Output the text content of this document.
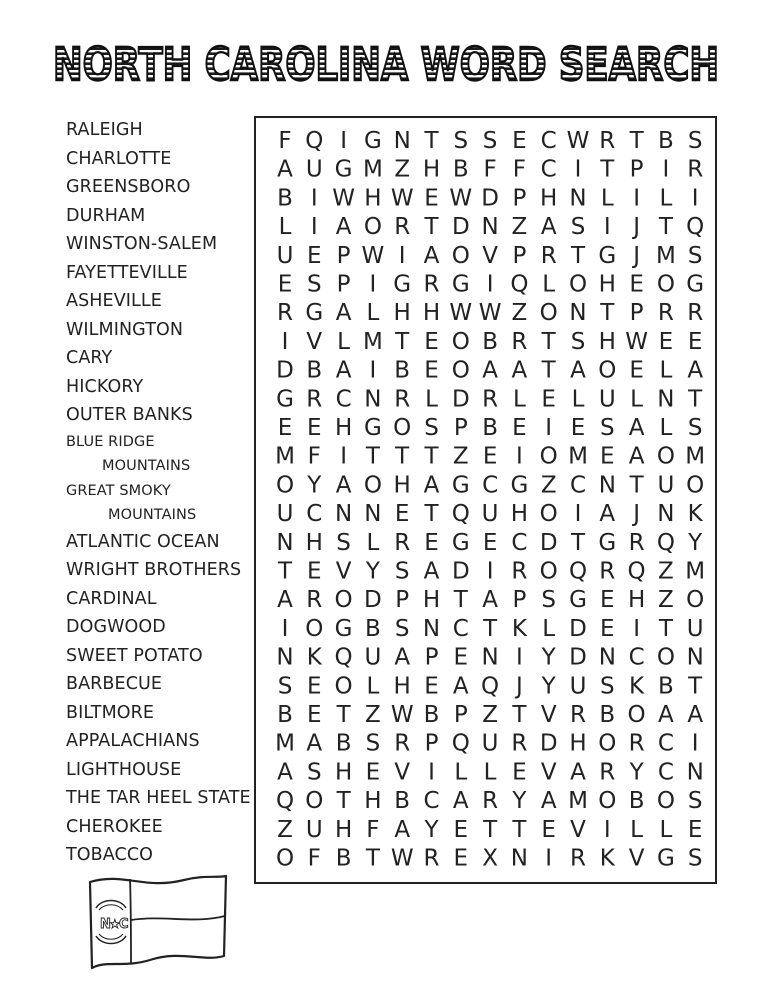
NORTH CAROLINA WORD SEARCH
RALEIGH
CHARLOTTE
GREENSBORO
DURHAM
WINSTON-SALEM
FAYETTEVILLE
ASHEVILLE
WILMINGTON
CARY
HICKORY
OUTER BANKS
BLUE RIDGE
MOUNTAINS
GREAT SMOKY
MOUNTAINS
ATLANTIC OCEAN
WRIGHT BROTHERS
CARDINAL
DOGWOOD
SWEET POTATO
BARBECUE
BILTMORE
APPALACHIANS
LIGHTHOUSE
THE TAR HEEL STATE
CHEROKEE
TOBACCO
F Q I G N T S S E C W R T B S
A U G M Z H B F F C I T P I R
B I W H W E W D P H N L I L I
L I A O R T D N Z A S I J T Q
U E P W I A O V P R T G J M S
E S P I G R G I Q L O H E O G
R G A L H H W W Z O N T P R R
I V L M T E O B R T S H W E E
D B A I B E O A A T A O E L A
G R C N R L D R L E L U L N T
E E H G O S P B E I E S A L S
M F I T T T Z E I O M E A O M
O Y A O H A G C G Z C N T U O
U C N N E T Q U H O I A J N K
N H S L R E G E C D T G R Q Y
T E V Y S A D I R O Q R Q Z M
A R O D P H T A P S G E H Z O
I O G B S N C T K L D E I T U
N K Q U A P E N I Y D N C O N
S E O L H E A Q J Y U S K B T
B E T Z W B P Z T V R B O A A
M A B S R P Q U R D H O R C I
A S H E V I L L E V A R Y C N
Q O T H B C A R Y A M O B O S
Z U H F A Y E T T E V I L L E
O F B T W R E X N I R K V G S
N
★
C
